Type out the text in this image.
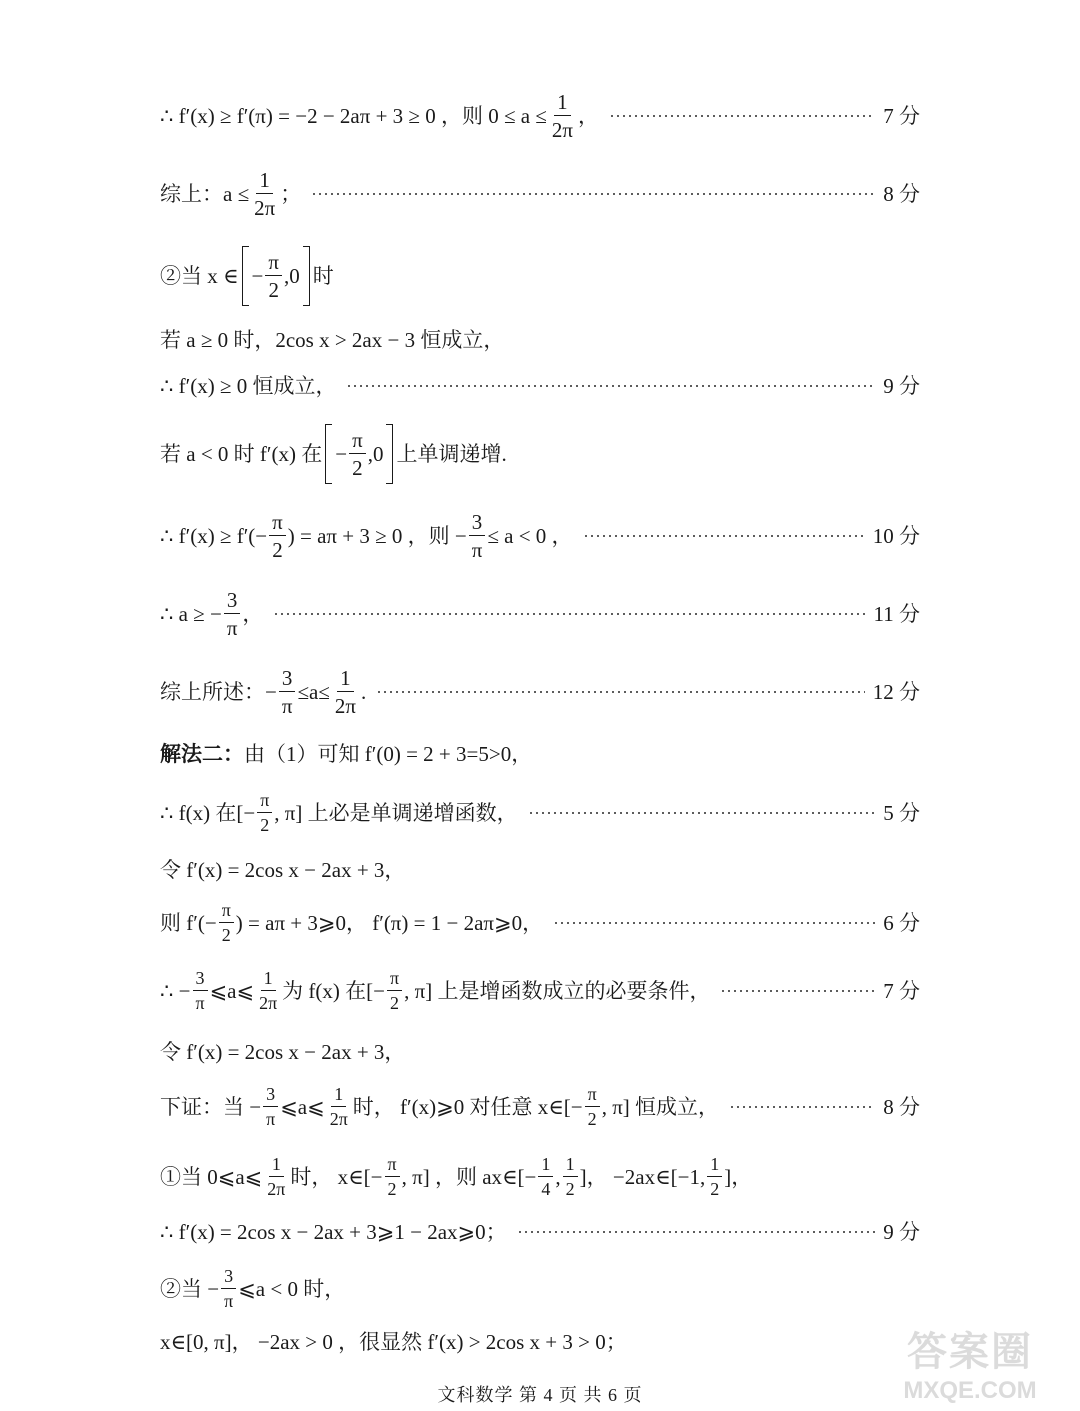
∴ f′(x) ≥ f′(π) = −2 − 2aπ + 3 ≥ 0 ，则 $0 \le a \le \frac{1}{2\pi}$ ，	7 分
综上：$a \le \frac{1}{2\pi}$ ；	8 分
②当 x ∈ − $\frac{\pi}{2} ,0$ 时
若 a ≥ 0 时，2cos x > 2ax − 3 恒成立，
∴ f′(x) ≥ 0 恒成立，	9 分
若 a < 0 时 f′(x) 在 − $\frac{\pi}{2} ,0$ 上单调递增.
∴ $f'(x) \ge f'(- \frac{\pi}{2}$ ) = aπ + 3 ≥ 0 ，则 − $\frac{3}{\pi} \le a < 0$ ，	10 分
∴ a ≥ − $\frac{3}{\pi}$ ，	11 分
综上所述：− $\frac{3}{\pi} \le a\le \frac{1}{2\pi}$ .	12 分
解法二： 由（1）可知 f′(0) = 2 + 3=5>0，
∴ f(x) 在[− $\frac{\pi}{2}$ , π] 上必是单调递增函数，	5 分
令 f′(x) = 2cos x − 2ax + 3，
则 $f'(- \frac{\pi}{2}$ ) = aπ + 3⩾0， f′(π) = 1 − 2aπ⩾0，	6 分
∴ − $\frac{3}{\pi}$ ⩽a⩽ $\frac{1}{2\pi}$ 为 f(x) 在[− $\frac{\pi}{2}$ , π] 上是增函数成立的必要条件，	7 分
令 f′(x) = 2cos x − 2ax + 3，
下证：当 − $\frac{3}{\pi}$ ⩽a⩽ $\frac{1}{2\pi}$ 时， f′(x)⩾0 对任意 x∈[− $\frac{\pi}{2}$ , π] 恒成立，	8 分
①当 0⩽a⩽ $\frac{1}{2\pi}$ 时， x∈[− $\frac{\pi}{2}$ , π] ，则 ax∈[− $\frac{1}{4}$ , $\frac{1}{2}$ ]， −2ax∈[−1, $\frac{1}{2}$ ]，
∴ f′(x) = 2cos x − 2ax + 3⩾1 − 2ax⩾0；	9 分
②当 − $\frac{3}{\pi}$ ⩽a < 0 时，
x∈[0, π]， −2ax > 0 ，很显然 f′(x) > 2cos x + 3 > 0；
文科数学 第 4 页 共 6 页
答案圈
MXQE.COM
